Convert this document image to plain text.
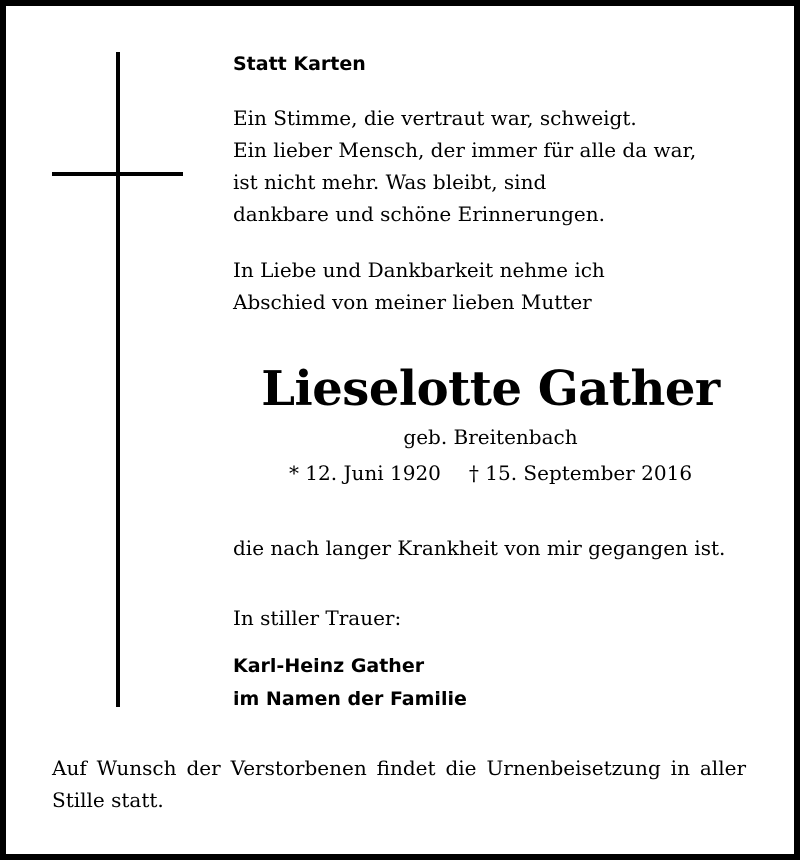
Statt Karten

Ein Stimme, die vertraut war, schweigt.
Ein lieber Mensch, der immer für alle da war,
ist nicht mehr. Was bleibt, sind
dankbare und schöne Erinnerungen.

In Liebe und Dankbarkeit nehme ich
Abschied von meiner lieben Mutter

Lieselotte Gather
geb. Breitenbach
* 12. Juni 1920 † 15. September 2016

die nach langer Krankheit von mir gegangen ist.

In stiller Trauer:

Karl-Heinz Gather
im Namen der Familie

Auf Wunsch der Verstorbenen findet die Urnenbeisetzung in aller Stille statt.
